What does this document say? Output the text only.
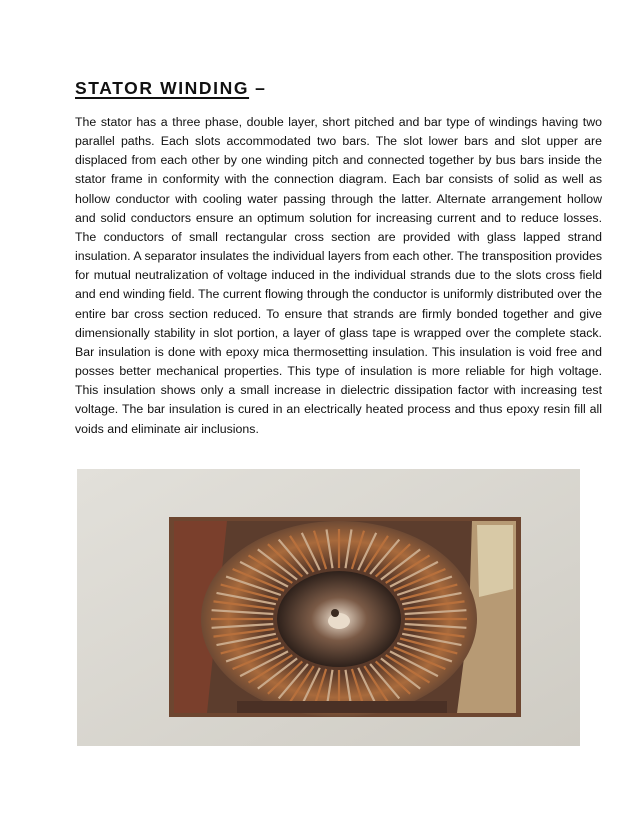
STATOR WINDING –

The stator has a three phase, double layer, short pitched and bar type of windings having two parallel paths. Each slots accommodated two bars. The slot lower bars and slot upper are displaced from each other by one winding pitch and connected together by bus bars inside the stator frame in conformity with the connection diagram. Each bar consists of solid as well as hollow conductor with cooling water passing through the latter. Alternate arrangement hollow and solid conductors ensure an optimum solution for increasing current and to reduce losses. The conductors of small rectangular cross section are provided with glass lapped strand insulation. A separator insulates the individual layers from each other. The transposition provides for mutual neutralization of voltage induced in the individual strands due to the slots cross field and end winding field. The current flowing through the conductor is uniformly distributed over the entire bar cross section reduced. To ensure that strands are firmly bonded together and give dimensionally stability in slot portion, a layer of glass tape is wrapped over the complete stack. Bar insulation is done with epoxy mica thermosetting insulation. This insulation is void free and posses better mechanical properties. This type of insulation is more reliable for high voltage. This insulation shows only a small increase in dielectric dissipation factor with increasing test voltage. The bar insulation is cured in an electrically heated process and thus epoxy resin fill all voids and eliminate air inclusions.
